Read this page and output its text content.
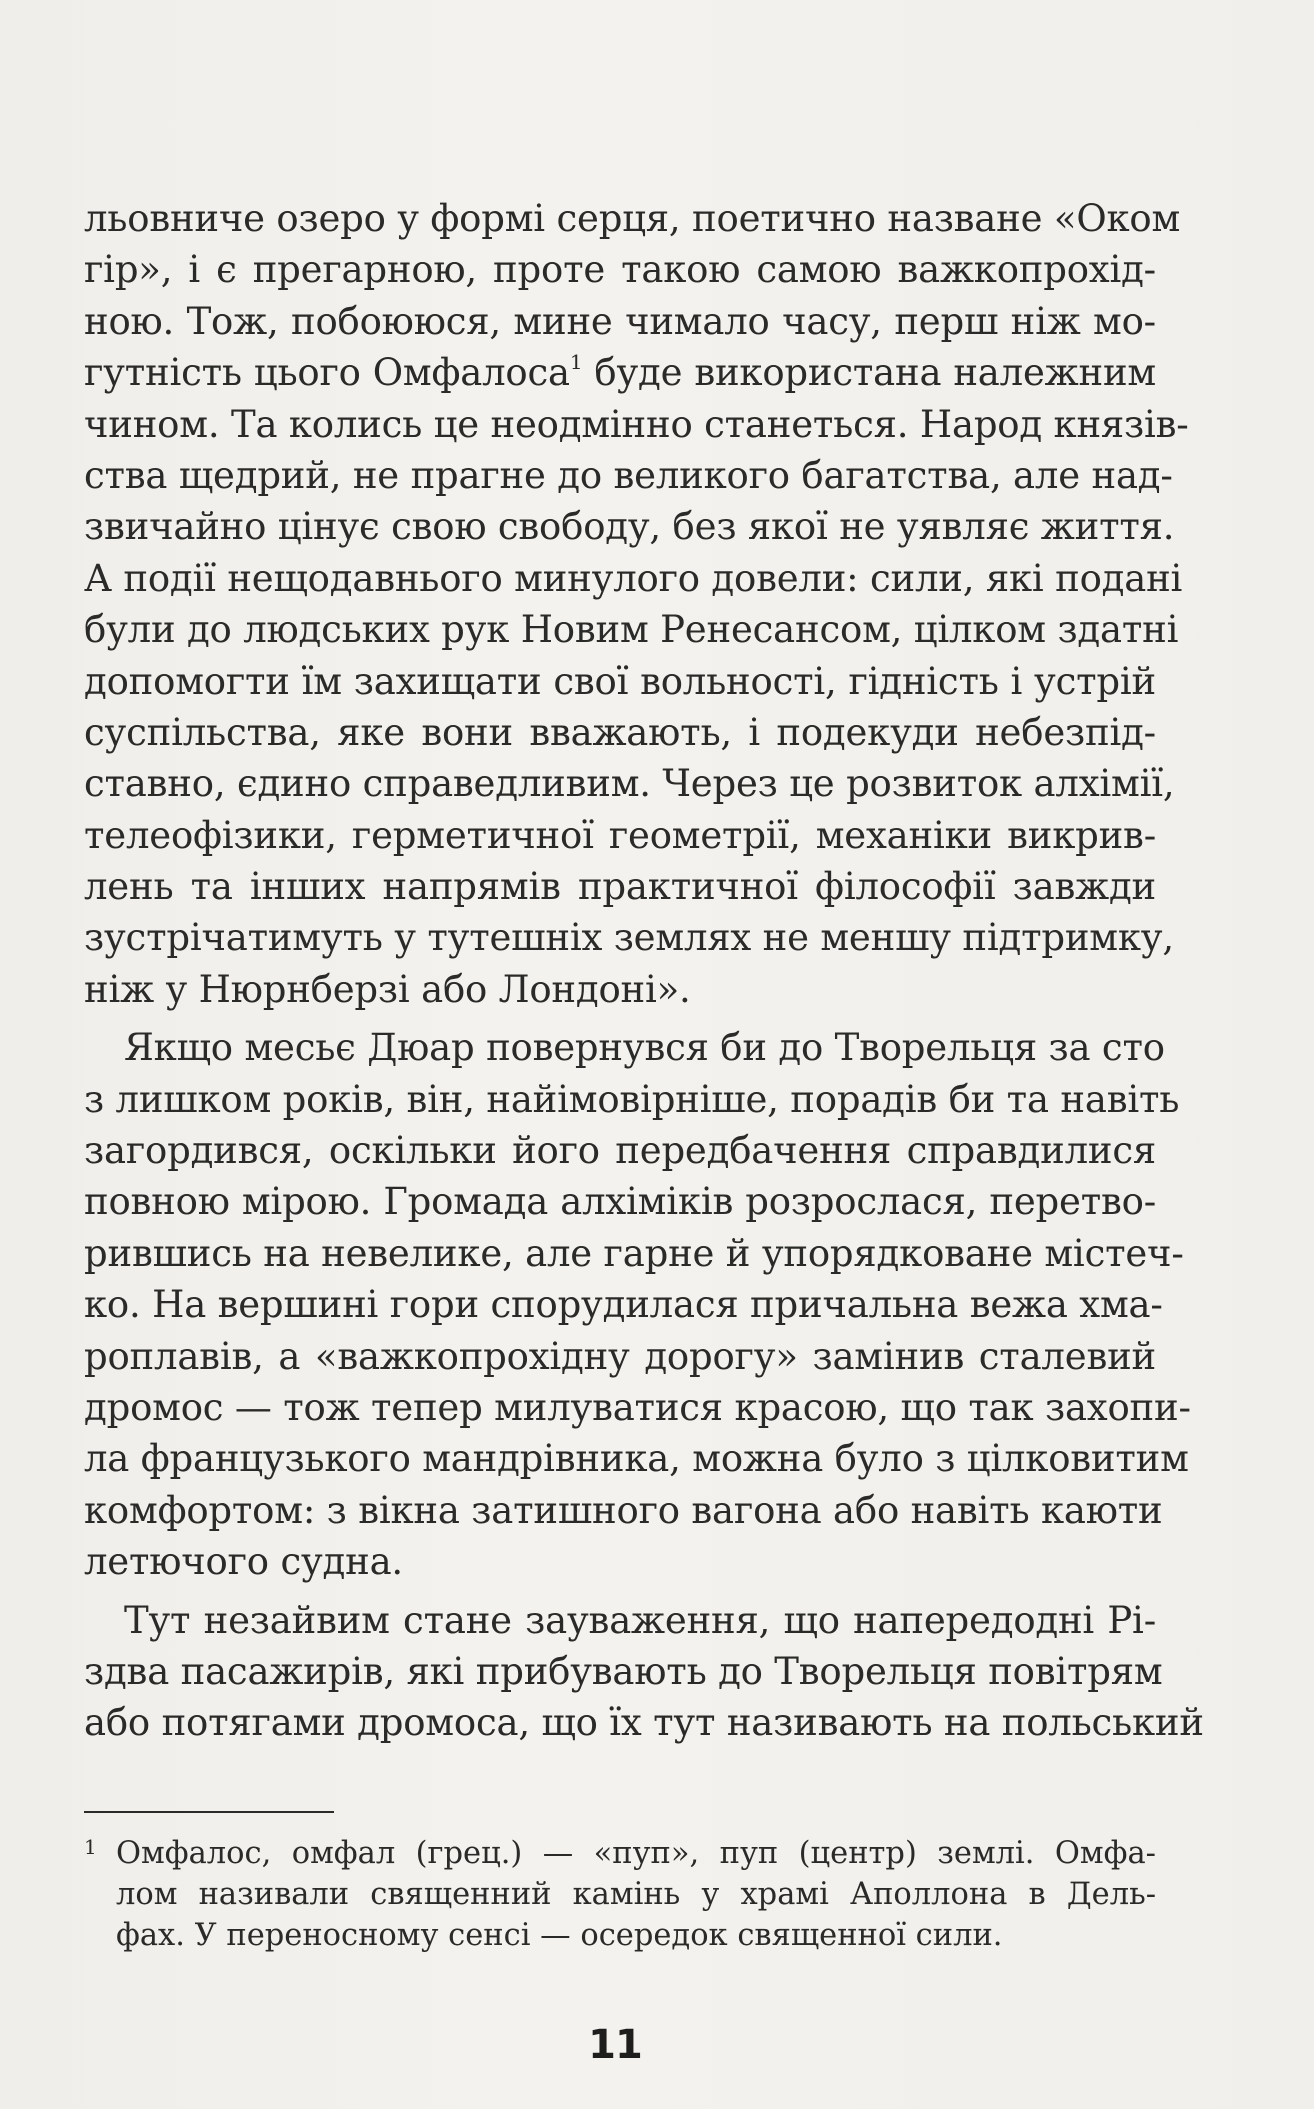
льовниче озеро у формі серця, поетично назване «Оком
гір», і є прегарною, проте такою самою важкопрохід-
ною. Тож, побоююся, мине чимало часу, перш ніж мо-
гутність цього Омфалоса$^1$ буде використана належним
чином. Та колись це неодмінно станеться. Народ князів-
ства щедрий, не прагне до великого багатства, але над-
звичайно цінує свою свободу, без якої не уявляє життя.
А події нещодавнього минулого довели: сили, які подані
були до людських рук Новим Ренесансом, цілком здатні
допомогти їм захищати свої вольності, гідність і устрій
суспільства, яке вони вважають, і подекуди небезпід-
ставно, єдино справедливим. Через це розвиток алхімії,
телеофізики, герметичної геометрії, механіки викрив-
лень та інших напрямів практичної філософії завжди
зустрічатимуть у тутешніх землях не меншу підтримку,
ніж у Нюрнберзі або Лондоні».
Якщо месьє Дюар повернувся би до Творельця за сто
з лишком років, він, найімовірніше, порадів би та навіть
загордився, оскільки його передбачення справдилися
повною мірою. Громада алхіміків розрослася, перетво-
рившись на невелике, але гарне й упорядковане містеч-
ко. На вершині гори спорудилася причальна вежа хма-
роплавів, а «важкопрохідну дорогу» замінив сталевий
дромос — тож тепер милуватися красою, що так захопи-
ла французького мандрівника, можна було з цілковитим
комфортом: з вікна затишного вагона або навіть каюти
летючого судна.
Тут незайвим стане зауваження, що напередодні Рі-
здва пасажирів, які прибувають до Творельця повітрям
або потягами дромоса, що їх тут називають на польський
1 Омфалос, омфал (грец.) — «пуп», пуп (центр) землі. Омфа-
лом називали священний камінь у храмі Аполлона в Дель-
фах. У переносному сенсі — осередок священної сили.
11
